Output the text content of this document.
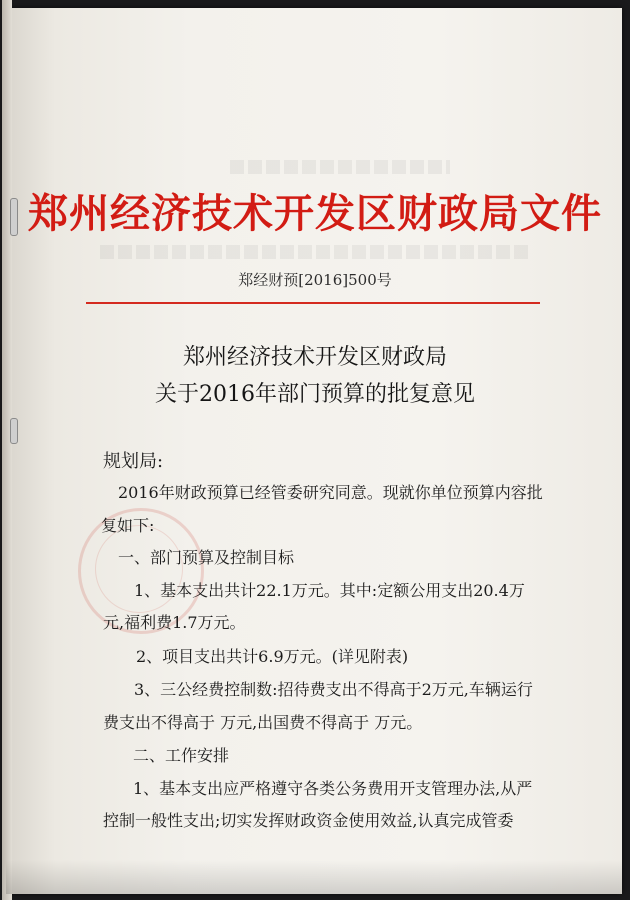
郑州经济技术开发区财政局文件
郑经财预[2016]500号
郑州经济技术开发区财政局
关于2016年部门预算的批复意见
规划局:
2016年财政预算已经管委研究同意。现就你单位预算内容批
复如下:
一、部门预算及控制目标
1、基本支出共计22.1万元。其中:定额公用支出20.4万
元,福利费1.7万元。
2、项目支出共计6.9万元。(详见附表)
3、三公经费控制数:招待费支出不得高于2万元,车辆运行
费支出不得高于 万元,出国费不得高于 万元。
二、工作安排
1、基本支出应严格遵守各类公务费用开支管理办法,从严
控制一般性支出;切实发挥财政资金使用效益,认真完成管委
